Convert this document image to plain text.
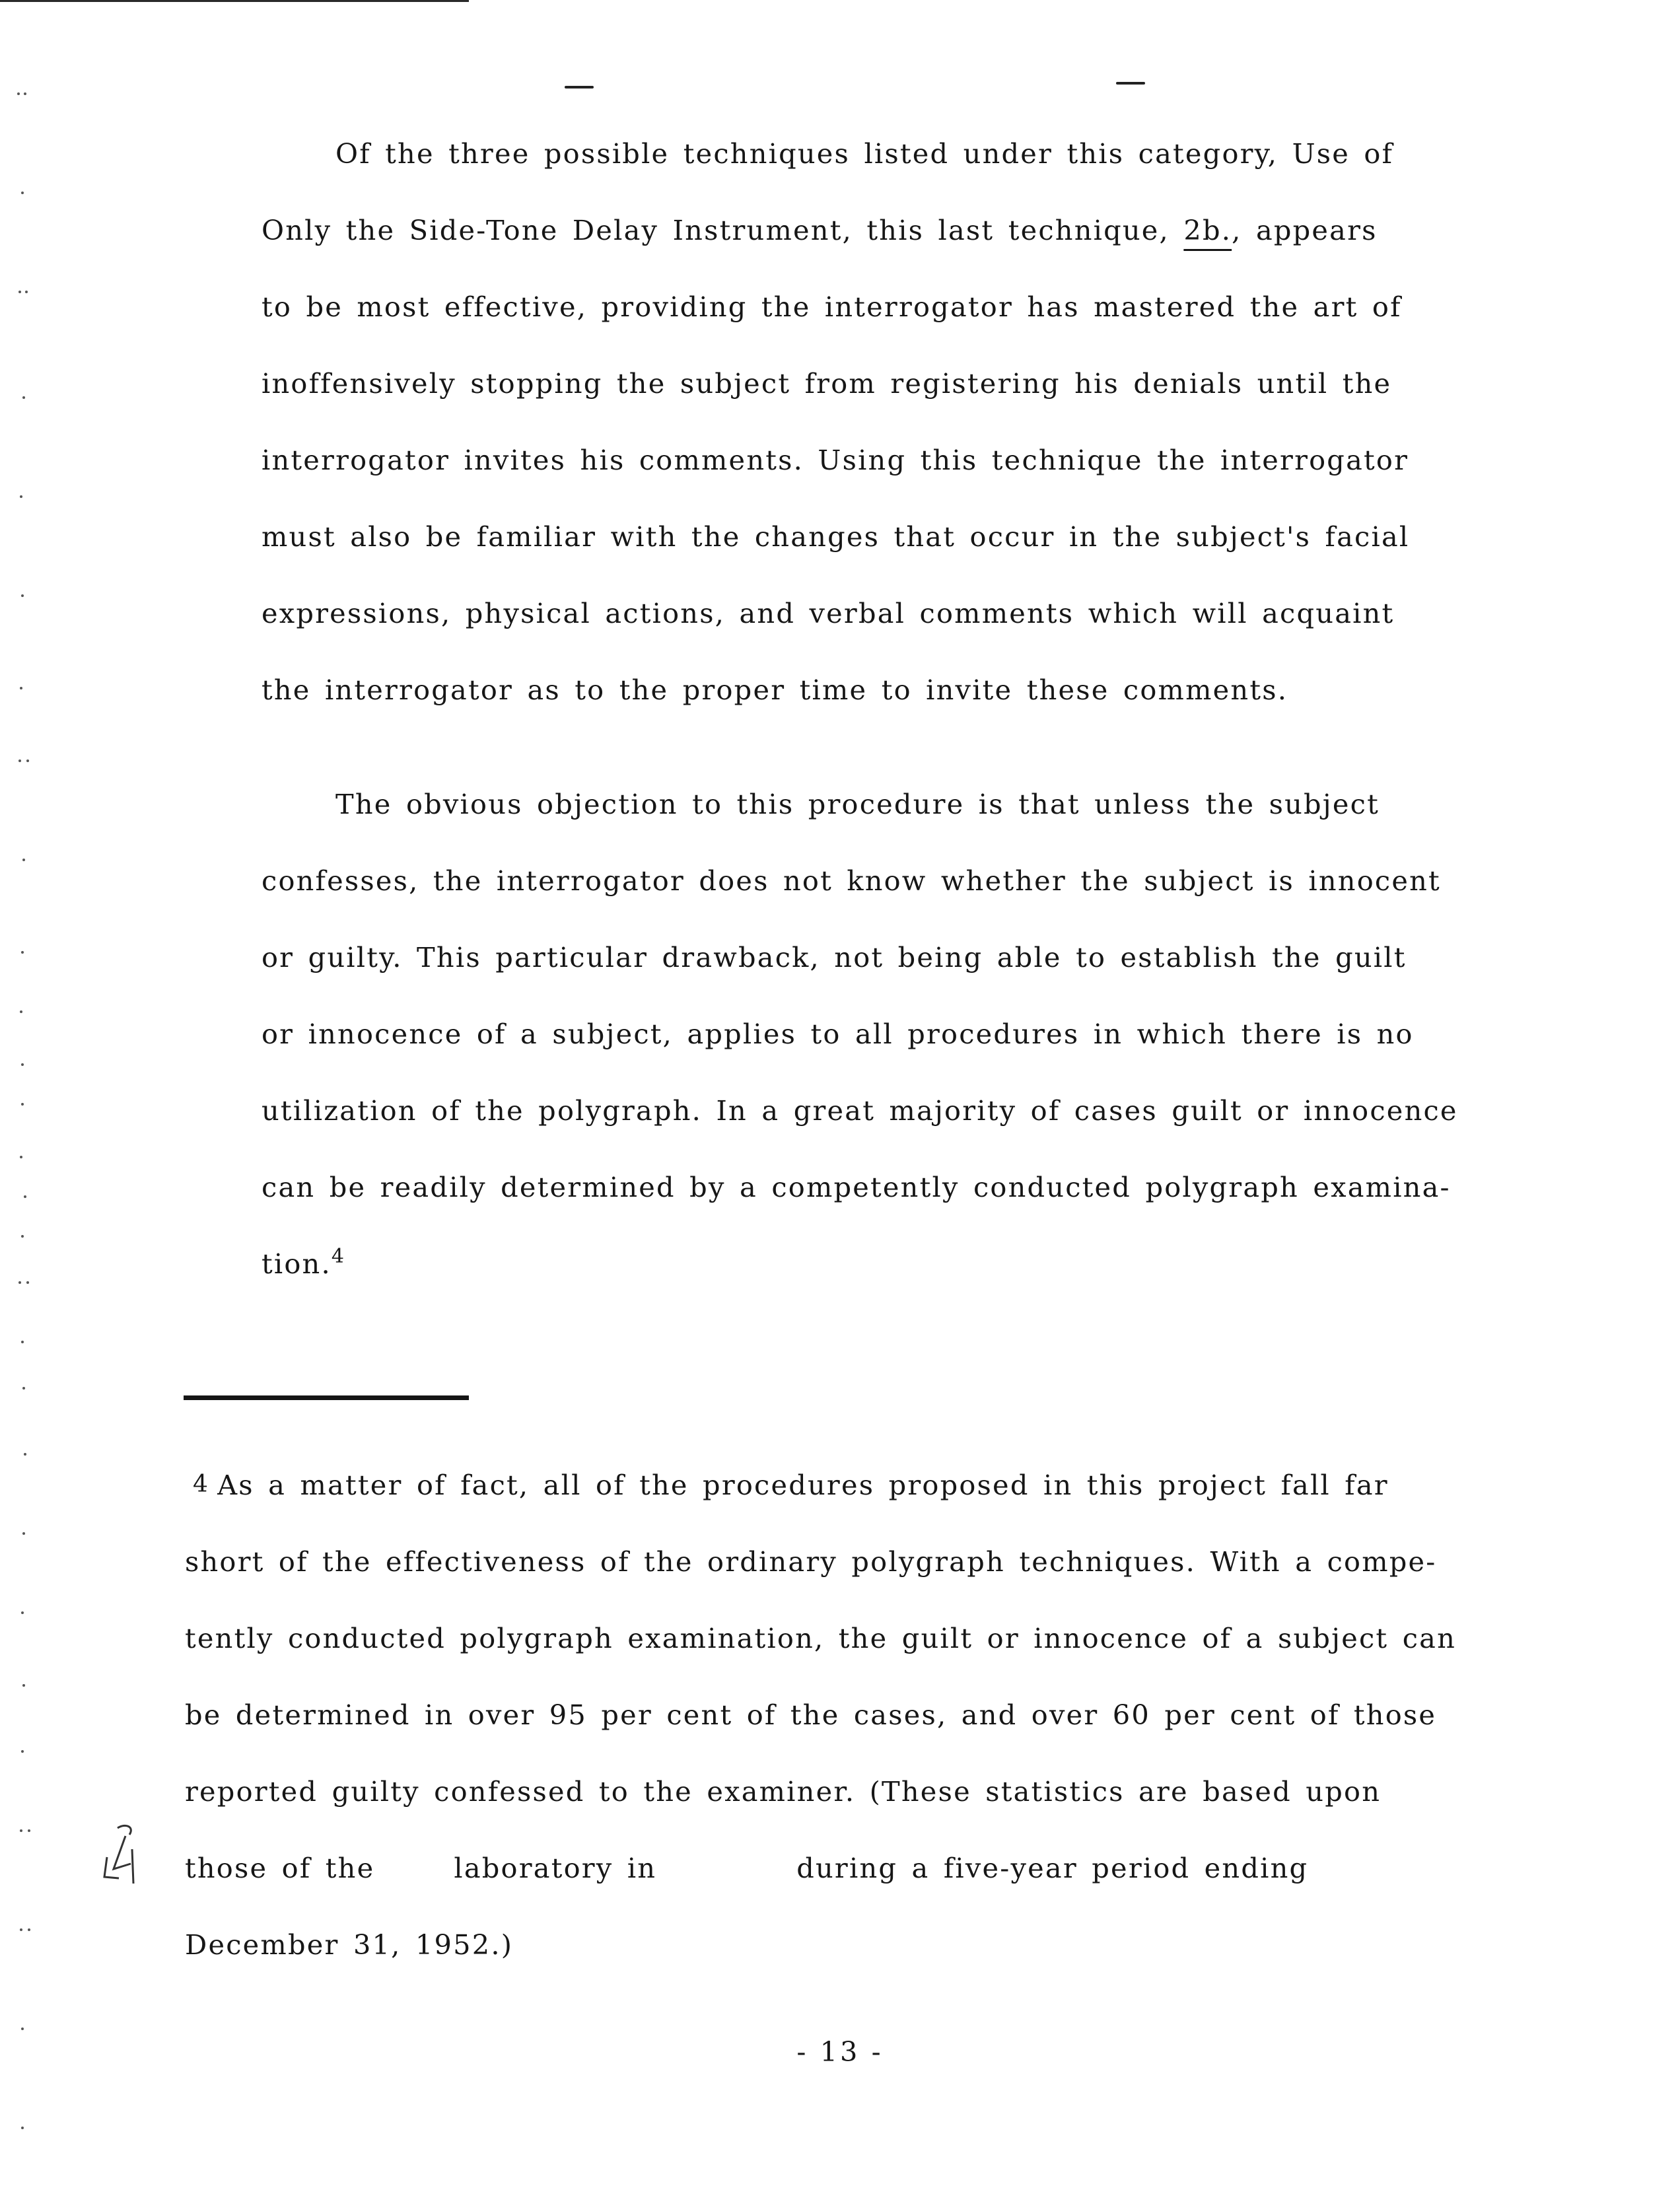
Of the three possible techniques listed under this category, Use of
Only the Side-Tone Delay Instrument, this last technique, 2b., appears
to be most effective, providing the interrogator has mastered the art of
inoffensively stopping the subject from registering his denials until the
interrogator invites his comments. Using this technique the interrogator
must also be familiar with the changes that occur in the subject's facial
expressions, physical actions, and verbal comments which will acquaint
the interrogator as to the proper time to invite these comments.
The obvious objection to this procedure is that unless the subject
confesses, the interrogator does not know whether the subject is innocent
or guilty. This particular drawback, not being able to establish the guilt
or innocence of a subject, applies to all procedures in which there is no
utilization of the polygraph. In a great majority of cases guilt or innocence
can be readily determined by a competently conducted polygraph examina-
tion.$^4$
4 As a matter of fact, all of the procedures proposed in this project fall far
short of the effectiveness of the ordinary polygraph techniques. With a compe-
tently conducted polygraph examination, the guilt or innocence of a subject can
be determined in over 95 per cent of the cases, and over 60 per cent of those
reported guilty confessed to the examiner. (These statistics are based upon
those of the	laboratory in	during a five-year period ending
December 31, 1952.)
- 13 -
